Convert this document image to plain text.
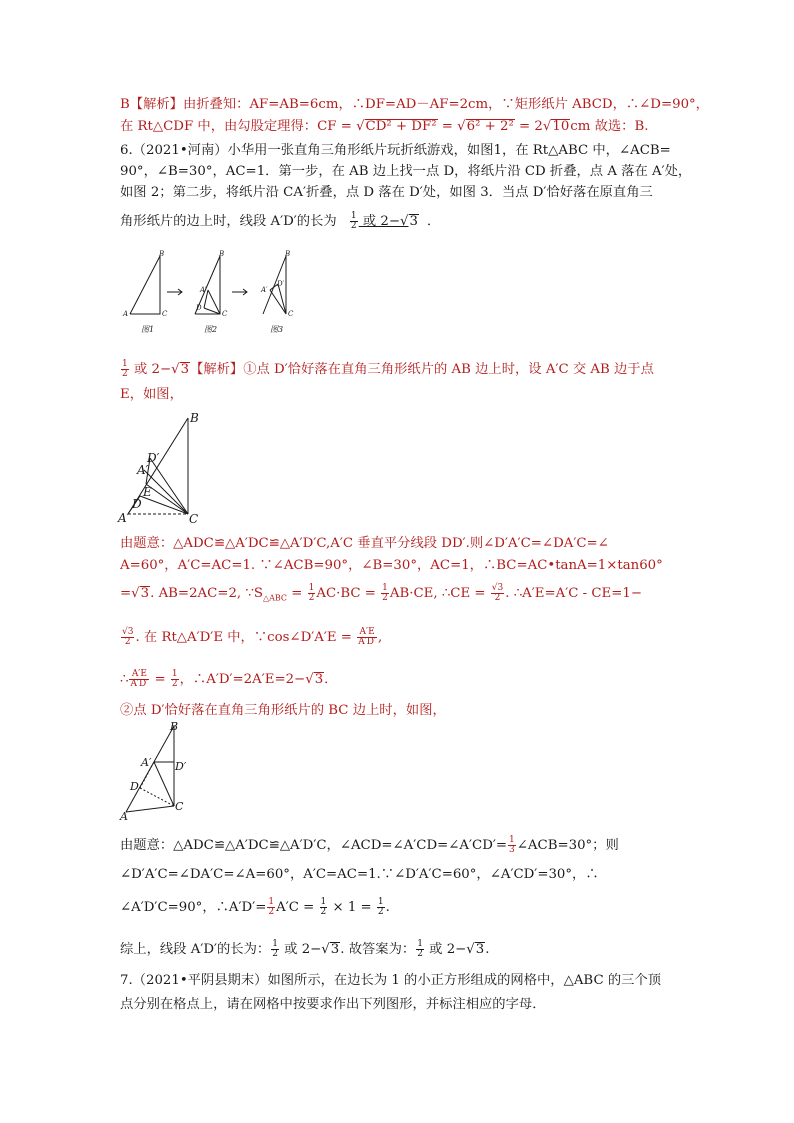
B【解析】由折叠知：AF=AB=6cm，∴DF=AD－AF=2cm，∵矩形纸片 ABCD，∴∠D=90°，
在 Rt△CDF 中，由勾股定理得：CF = √CD² + DF² = √6² + 2² = 2√10cm 故选：B.
6.（2021•河南）小华用一张直角三角形纸片玩折纸游戏，如图1，在 Rt△ABC 中，∠ACB=
90°，∠B=30°，AC=1．第一步，在 AB 边上找一点 D，将纸片沿 CD 折叠，点 A 落在 A′处，
如图 2；第二步，将纸片沿 CA′折叠，点 D 落在 D′处，如图 3．当点 D′恰好落在原直角三
角形纸片的边上时，线段 A′D′的长为 $\frac{1}{2}$ 或 2−√3 ．
B
A	C
图1
B
A′
D
C
图2
B
A′
D′
C
图3
$\frac{1}{2}$ 或 2−√3【解析】①点 D′恰好落在直角三角形纸片的 AB 边上时，设 A′C 交 AB 边于点
E，如图，
B
D′
A′
E
D
A′	C
由题意：△ADC≌△A′DC≌△A′D′C,A′C 垂直平分线段 DD′.则∠D′A′C=∠DA′C=∠
A=60°，A′C=AC=1. ∵∠ACB=90°，∠B=30°，AC=1，∴BC=AC•tanA=1×tan60°
=√3. AB=2AC=2, $\because S_{\triangle ABC} = \frac{1}{2} AC\cdot BC = \frac{1}{2} AB\cdot CE$, ∴CE = $\frac{√3}{2}$ . ∴A′E=A′C - CE=1−
$\frac{√3}{2}$ . 在 Rt△A′D′E 中，∵cos∠D′A′E = $\frac{A'E}{A'D'}$ ,
∴ $\frac{A'E}{A'D'} = \frac{1}{2}$ ，∴A′D′=2A′E=2−√3．
②点 D′恰好落在直角三角形纸片的 BC 边上时，如图，
B
A′ D′
D
C
A
由题意：△ADC≌△A′DC≌△A′D′C，∠ACD=∠A′CD=∠A′CD′= $\frac{1}{3}$ ∠ACB=30°；则
∠D′A′C=∠DA′C=∠A=60°，A′C=AC=1.∵∠D′A′C=60°，∠A′CD′=30°，∴
∠A′D′C=90°，∴A′D′= $\frac{1}{2} A'C = \frac{1}{2} \times 1 = \frac{1}{2}$ .
综上，线段 A′D′的长为： $\frac{1}{2}$ 或 2−√3. 故答案为： $\frac{1}{2}$ 或 2−√3.
7.（2021•平阴县期末）如图所示，在边长为 1 的小正方形组成的网格中，△ABC 的三个顶
点分别在格点上，请在网格中按要求作出下列图形，并标注相应的字母．
